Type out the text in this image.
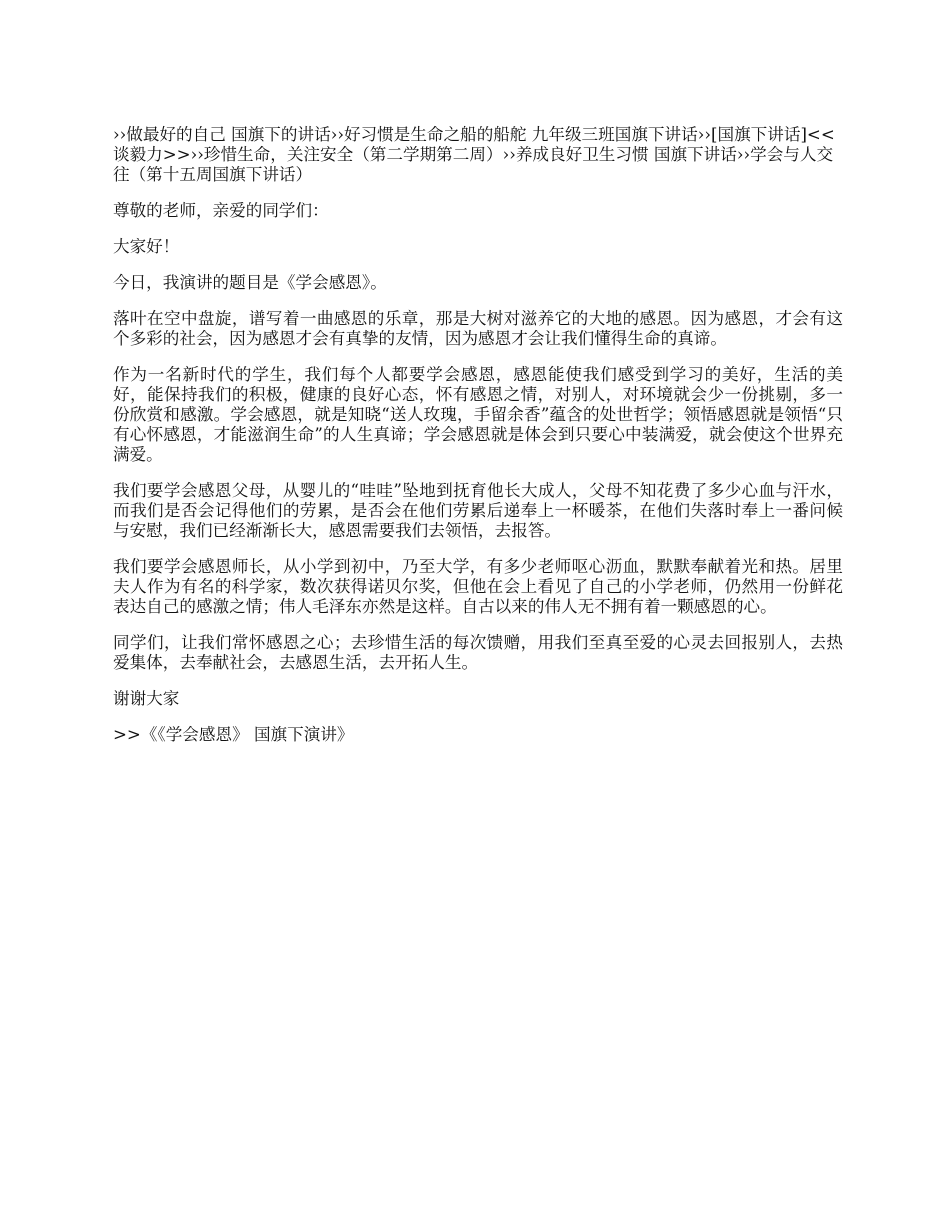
››做最好的自己 国旗下的讲话››好习惯是生命之船的船舵 九年级三班国旗下讲话››[国旗下讲话]<<谈毅力>>››珍惜生命，关注安全（第二学期第二周）››养成良好卫生习惯 国旗下讲话››学会与人交往（第十五周国旗下讲话）

尊敬的老师，亲爱的同学们：

大家好！

今日，我演讲的题目是《学会感恩》。

落叶在空中盘旋，谱写着一曲感恩的乐章，那是大树对滋养它的大地的感恩。因为感恩，才会有这个多彩的社会，因为感恩才会有真挚的友情，因为感恩才会让我们懂得生命的真谛。

作为一名新时代的学生，我们每个人都要学会感恩，感恩能使我们感受到学习的美好，生活的美好，能保持我们的积极，健康的良好心态，怀有感恩之情，对别人，对环境就会少一份挑剔，多一份欣赏和感激。学会感恩，就是知晓“送人玫瑰，手留余香”蕴含的处世哲学；领悟感恩就是领悟“只有心怀感恩，才能滋润生命”的人生真谛；学会感恩就是体会到只要心中装满爱，就会使这个世界充满爱。

我们要学会感恩父母，从婴儿的“哇哇”坠地到抚育他长大成人，父母不知花费了多少心血与汗水，而我们是否会记得他们的劳累，是否会在他们劳累后递奉上一杯暖茶，在他们失落时奉上一番问候与安慰，我们已经渐渐长大，感恩需要我们去领悟，去报答。

我们要学会感恩师长，从小学到初中，乃至大学，有多少老师呕心沥血，默默奉献着光和热。居里夫人作为有名的科学家，数次获得诺贝尔奖，但他在会上看见了自己的小学老师，仍然用一份鲜花表达自己的感激之情；伟人毛泽东亦然是这样。自古以来的伟人无不拥有着一颗感恩的心。

同学们，让我们常怀感恩之心；去珍惜生活的每次馈赠，用我们至真至爱的心灵去回报别人，去热爱集体，去奉献社会，去感恩生活，去开拓人生。

谢谢大家

>>《《学会感恩》 国旗下演讲》
